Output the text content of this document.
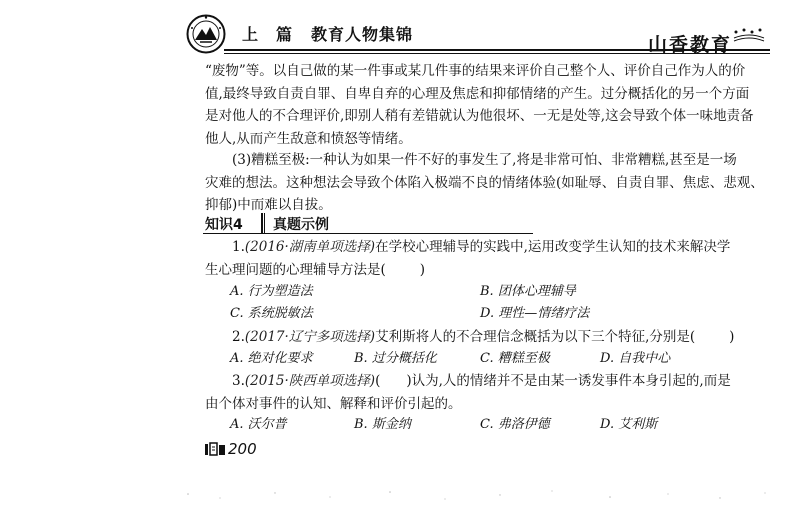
上　篇 教育人物集锦	山香教育
“废物”等。以自己做的某一件事或某几件事的结果来评价自己整个人、评价自己作为人的价
值,最终导致自责自罪、自卑自弃的心理及焦虑和抑郁情绪的产生。过分概括化的另一个方面
是对他人的不合理评价,即别人稍有差错就认为他很坏、一无是处等,这会导致个体一味地责备
他人,从而产生敌意和愤怒等情绪。
(3)糟糕至极:一种认为如果一件不好的事发生了,将是非常可怕、非常糟糕,甚至是一场
灾难的想法。这种想法会导致个体陷入极端不良的情绪体验(如耻辱、自责自罪、焦虑、悲观、
抑郁)中而难以自拔。
知识4 真题示例
1.(2016·湖南单项选择)在学校心理辅导的实践中,运用改变学生认知的技术来解决学
生心理问题的心理辅导方法是(	)
A. 行为塑造法	B. 团体心理辅导
C. 系统脱敏法	D. 理性—情绪疗法
2.(2017·辽宁多项选择)艾利斯将人的不合理信念概括为以下三个特征,分别是(	)
A. 绝对化要求	B. 过分概括化	C. 糟糕至极	D. 自我中心
3.(2015·陕西单项选择)( )认为,人的情绪并不是由某一诱发事件本身引起的,而是
由个体对事件的认知、解释和评价引起的。
A. 沃尔普	B. 斯金纳	C. 弗洛伊德	D. 艾利斯
200
